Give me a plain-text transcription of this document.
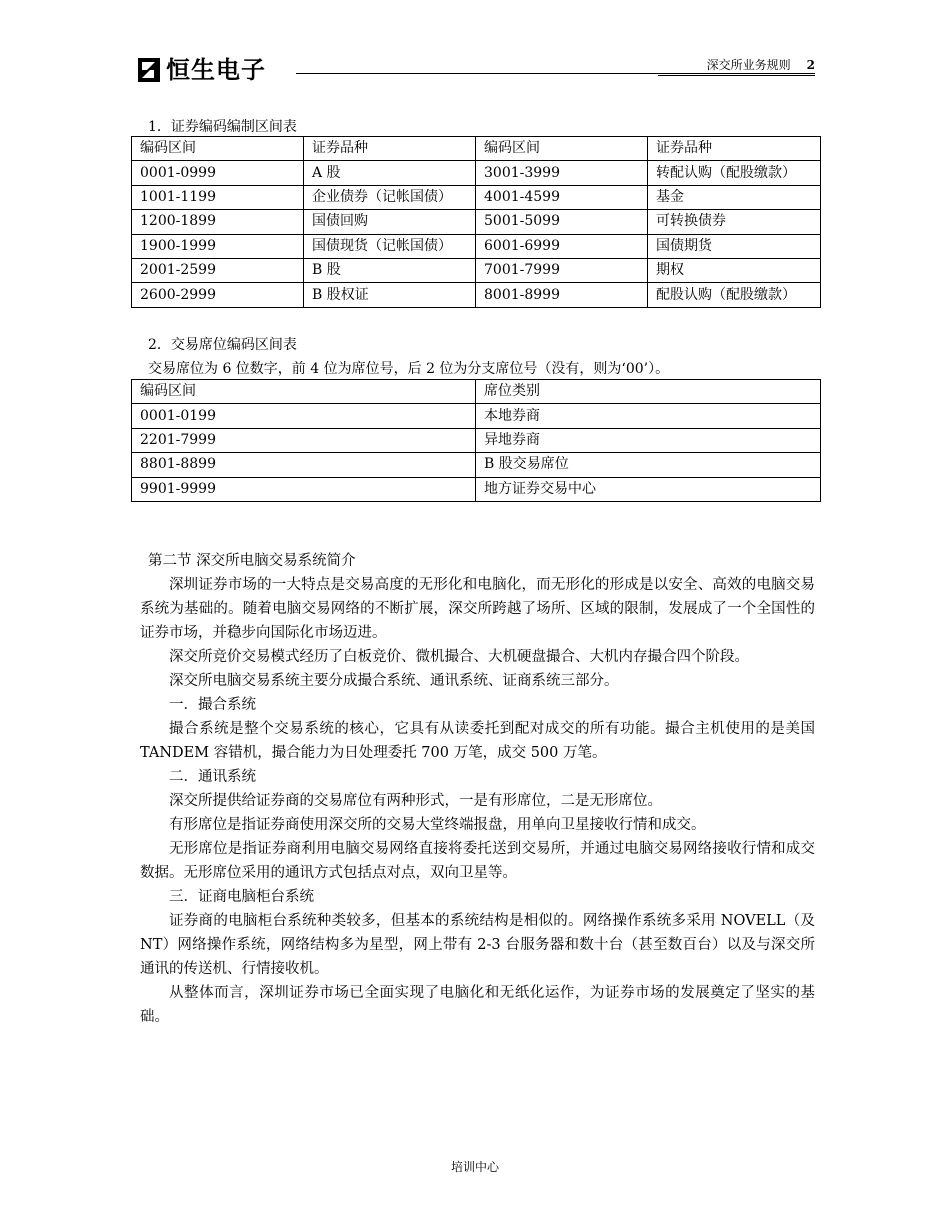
恒生电子	深交所业务规则 2
1．证券编码编制区间表
编码区间	证券品种	编码区间	证券品种
0001-0999	A 股	3001-3999	转配认购（配股缴款）
1001-1199	企业债券（记帐国债）	4001-4599	基金
1200-1899	国债回购	5001-5099	可转换债券
1900-1999	国债现货（记帐国债）	6001-6999	国债期货
2001-2599	B 股	7001-7999	期权
2600-2999	B 股权证	8001-8999	配股认购（配股缴款）
2．交易席位编码区间表
交易席位为 6 位数字，前 4 位为席位号，后 2 位为分支席位号（没有，则为‘00’）。
编码区间	席位类别
0001-0199	本地券商
2201-7999	异地券商
8801-8899	B 股交易席位
9901-9999	地方证券交易中心

第二节 深交所电脑交易系统简介

深圳证券市场的一大特点是交易高度的无形化和电脑化，而无形化的形成是以安全、高效的电脑交易系统为基础的。随着电脑交易网络的不断扩展，深交所跨越了场所、区域的限制，发展成了一个全国性的证券市场，并稳步向国际化市场迈进。

深交所竞价交易模式经历了白板竞价、微机撮合、大机硬盘撮合、大机内存撮合四个阶段。

深交所电脑交易系统主要分成撮合系统、通讯系统、证商系统三部分。

一．撮合系统

撮合系统是整个交易系统的核心，它具有从读委托到配对成交的所有功能。撮合主机使用的是美国 TANDEM 容错机，撮合能力为日处理委托 700 万笔，成交 500 万笔。

二．通讯系统

深交所提供给证券商的交易席位有两种形式，一是有形席位，二是无形席位。

有形席位是指证券商使用深交所的交易大堂终端报盘，用单向卫星接收行情和成交。

无形席位是指证券商利用电脑交易网络直接将委托送到交易所，并通过电脑交易网络接收行情和成交数据。无形席位采用的通讯方式包括点对点，双向卫星等。

三．证商电脑柜台系统

证券商的电脑柜台系统种类较多，但基本的系统结构是相似的。网络操作系统多采用 NOVELL（及 NT）网络操作系统，网络结构多为星型，网上带有 2-3 台服务器和数十台（甚至数百台）以及与深交所通讯的传送机、行情接收机。

从整体而言，深圳证券市场已全面实现了电脑化和无纸化运作，为证券市场的发展奠定了坚实的基础。

培训中心
